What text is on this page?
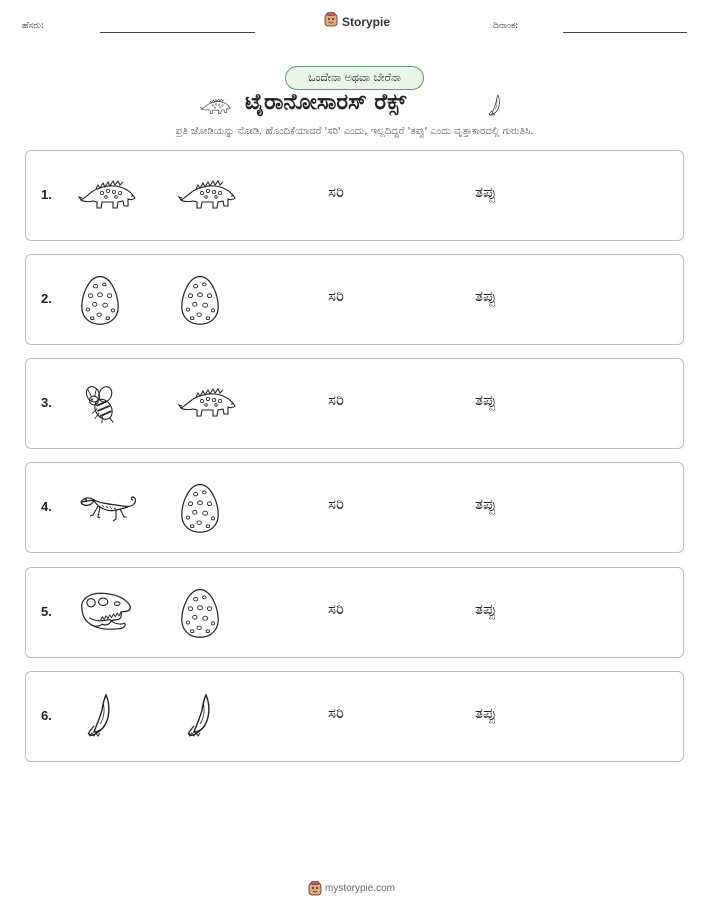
ಹೆಸರು:	Storypie	ದಿನಾಂಕ:
ಒಂದೇನಾ ಅಥವಾ ಬೇರೆನಾ
ಟೈರಾನೋಸಾರಸ್ ರೆಕ್ಸ್
ಪ್ರತಿ ಜೋಡಿಯನ್ನು ನೋಡಿ. ಹೊಂದಿಕೆಯಾದರೆ 'ಸರಿ' ಎಂದು, ಇಲ್ಲದಿದ್ದರೆ 'ತಪ್ಪು' ಎಂದು ವೃತ್ತಾಕಾರದಲ್ಲಿ ಗುರುತಿಸಿ.
1.	ಸರಿ	ತಪ್ಪು
2.	ಸರಿ	ತಪ್ಪು
3.	ಸರಿ	ತಪ್ಪು
4.	ಸರಿ	ತಪ್ಪು
5.	ಸರಿ	ತಪ್ಪು
6.	ಸರಿ	ತಪ್ಪು
mystorypie.com
